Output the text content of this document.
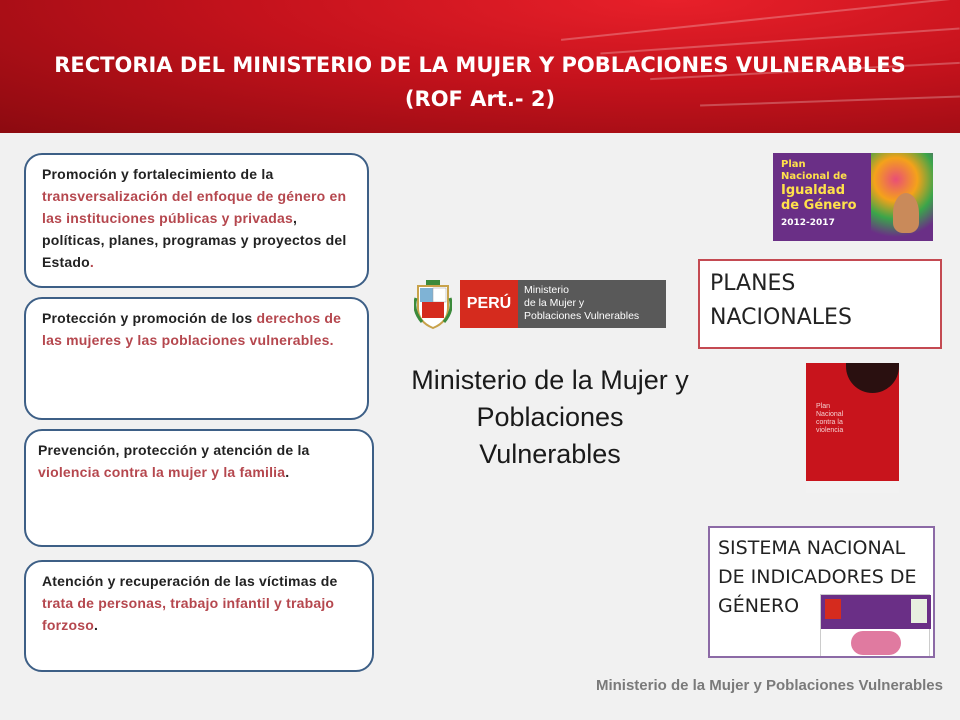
RECTORIA DEL MINISTERIO DE LA MUJER Y POBLACIONES VULNERABLES (ROF Art.- 2)
Promoción y fortalecimiento de la transversalización del enfoque de género en las instituciones públicas y privadas, políticas, planes, programas y proyectos del Estado.
Protección y promoción de los derechos de las mujeres y las poblaciones vulnerables.
Prevención, protección y atención de la violencia contra la mujer y la familia.
Atención y recuperación de las víctimas de trata de personas, trabajo infantil y trabajo forzoso.
PERÚ
Ministerio
de la Mujer y
Poblaciones Vulnerables
Ministerio de la Mujer y Poblaciones Vulnerables
Plan
Nacional de
Igualdad
de Género
2012-2017
PLANES NACIONALES
Plan
Nacional
contra la
violencia
SISTEMA NACIONAL DE INDICADORES DE GÉNERO
Ministerio de la Mujer y Poblaciones Vulnerables
